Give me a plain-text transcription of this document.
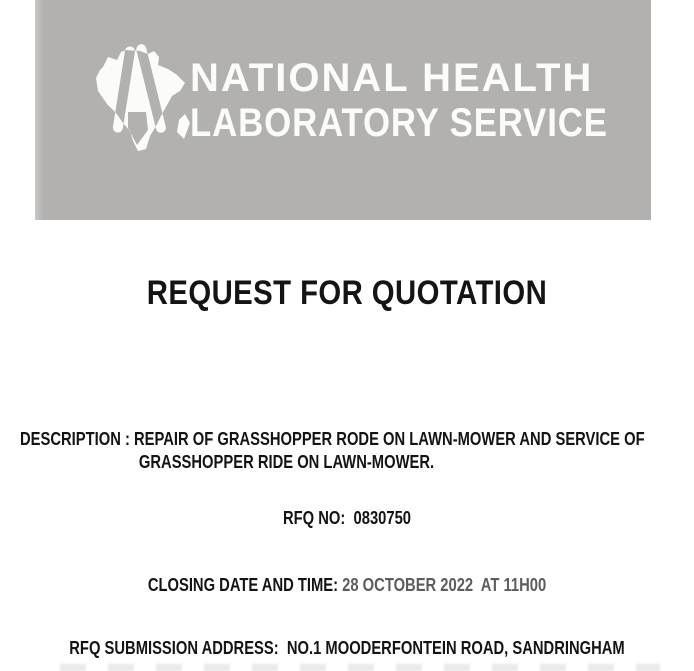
NATIONAL HEALTH
LABORATORY SERVICE
REQUEST FOR QUOTATION
DESCRIPTION : REPAIR OF GRASSHOPPER RODE ON LAWN-MOWER AND SERVICE OF
GRASSHOPPER RIDE ON LAWN-MOWER.
RFQ NO:  0830750
CLOSING DATE AND TIME: 28 OCTOBER 2022  AT 11H00
RFQ SUBMISSION ADDRESS:  NO.1 MOODERFONTEIN ROAD, SANDRINGHAM
